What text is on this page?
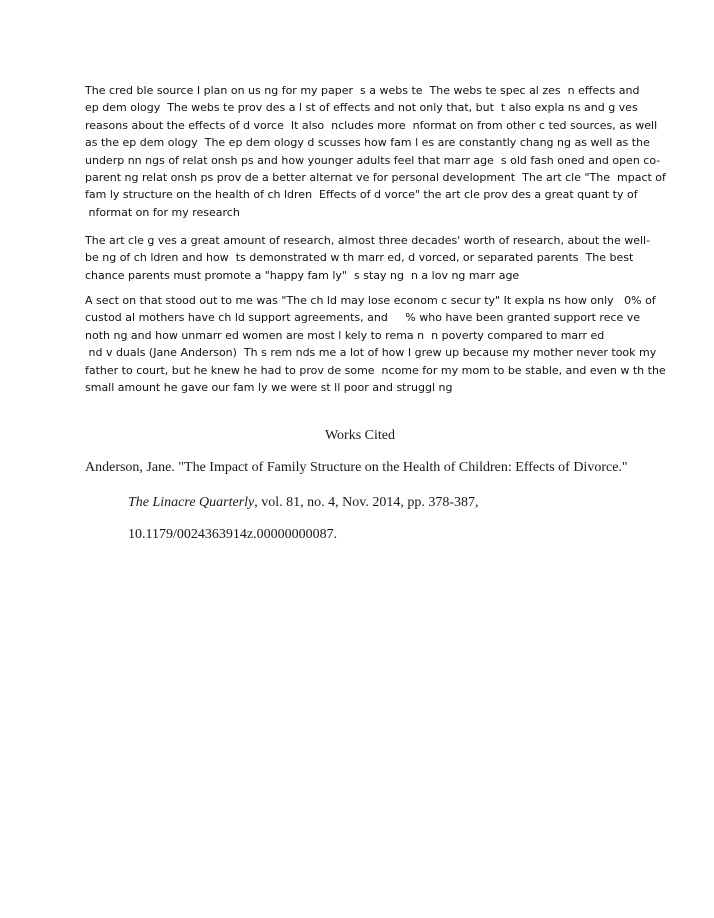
The cred ble source I plan on us ng for my paper  s a webs te  The webs te spec al zes  n effects and
ep dem ology  The webs te prov des a l st of effects and not only that, but  t also expla ns and g ves
reasons about the effects of d vorce  It also  ncludes more  nformat on from other c ted sources, as well
as the ep dem ology  The ep dem ology d scusses how fam l es are constantly chang ng as well as the
underp nn ngs of relat onsh ps and how younger adults feel that marr age  s old fash oned and open co-
parent ng relat onsh ps prov de a better alternat ve for personal development  The art cle "The  mpact of
fam ly structure on the health of ch ldren  Effects of d vorce" the art cle prov des a great quant ty of
nformat on for my research
The art cle g ves a great amount of research, almost three decades' worth of research, about the well-
be ng of ch ldren and how  ts demonstrated w th marr ed, d vorced, or separated parents  The best
chance parents must promote a "happy fam ly"  s stay ng  n a lov ng marr age
A sect on that stood out to me was "The ch ld may lose econom c secur ty" It expla ns how only   0% of
custod al mothers have ch ld support agreements, and     % who have been granted support rece ve
noth ng and how unmarr ed women are most l kely to rema n  n poverty compared to marr ed
nd v duals (Jane Anderson)  Th s rem nds me a lot of how I grew up because my mother never took my
father to court, but he knew he had to prov de some  ncome for my mom to be stable, and even w th the
small amount he gave our fam ly we were st ll poor and struggl ng

Works Cited

Anderson, Jane. "The Impact of Family Structure on the Health of Children: Effects of Divorce."

The Linacre Quarterly, vol. 81, no. 4, Nov. 2014, pp. 378-387,

10.1179/0024363914z.00000000087.
